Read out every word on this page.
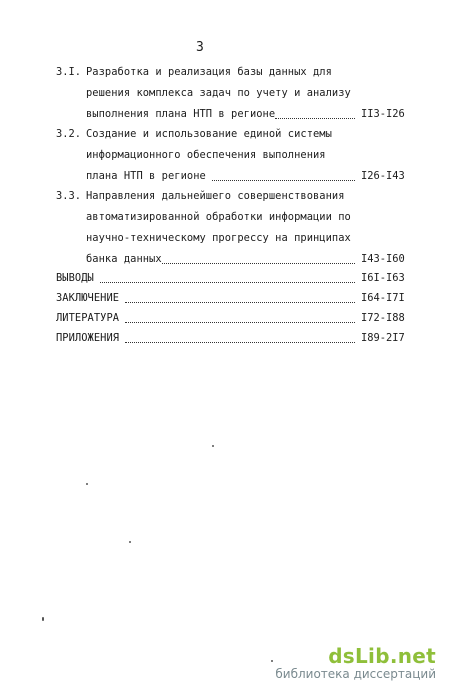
3
3.I. Разработка и реализация базы данных для
решения комплекса задач по учету и анализу
выполнения плана НТП в регионе	II3-I26
3.2. Создание и использование единой системы
информационного обеспечения выполнения
плана НТП в регионе	I26-I43
3.3. Направления дальнейшего совершенствования
автоматизированной обработки информации по
научно-техническому прогрессу на принципах
банка данных	I43-I60
ВЫВОДЫ	I6I-I63
ЗАКЛЮЧЕНИЕ	I64-I7I
ЛИТЕРАТУРА	I72-I88
ПРИЛОЖЕНИЯ	I89-2I7
dsLib.net
библиотека диссертаций
